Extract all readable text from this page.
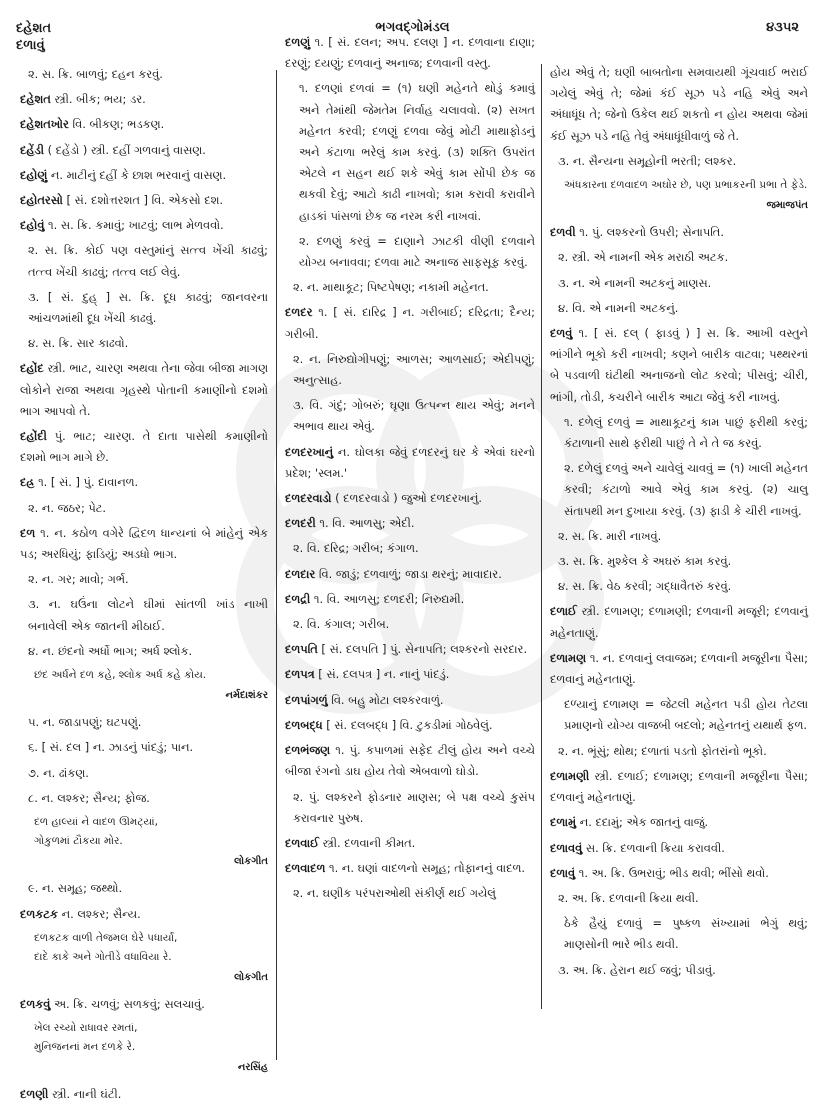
દહેશત
દળાવું
ભગવદ્ગોમંડલ	૪૩૫૨
૨. સ. ક્રિ. બાળવું; દહન કરવું.
દહેશત સ્ત્રી. બીક; ભય; ડર.
દહેશતખોર વિ. બીકણ; ભડકણ.
દહેંડી ( દહેંડો ) સ્ત્રી. દહીં ગળવાનું વાસણ.
દહોણું ન. માટીનું દહીં કે છાશ ભરવાનું વાસણ.
દહોતરસો [ સં. દશોત્તરશત ] વિ. એકસો દશ.
દહોવું ૧. સ. ક્રિ. કમાવું; ખાટવું; લાભ મેળવવો.
૨. સ. ક્રિ. કોઈ પણ વસ્તુમાંનું સત્ત્વ ખેંચી કાઢવું; તત્ત્વ ખેંચી કાઢવું; તત્ત્વ લઈ લેવું.
૩. [ સં. દુહ્ ] સ. ક્રિ. દૂધ કાઢવું; જાનવરના આંચળમાંથી દૂધ ખેંચી કાઢવું.
૪. સ. ક્રિ. સાર કાઢવો.
દહોંદ સ્ત્રી. ભાટ, ચારણ અથવા તેના જેવા બીજા માગણ લોકોને રાજા અથવા ગૃહસ્થે પોતાની કમાણીનો દશમો ભાગ આપવો તે.
દહોંદી પું. ભાટ; ચારણ. તે દાતા પાસેથી કમાણીનો દશમો ભાગ માગે છે.
દહ્ર ૧. [ સં. ] પું. દાવાનળ.
૨. ન. જઠર; પેટ.
દળ ૧. ન. કઠોળ વગેરે દ્વિદળ ધાન્યનાં બે માંહેનું એક પડ; અરધિયું; ફાડિયું; અડધો ભાગ.
૨. ન. ગર; માવો; ગર્ભ.
૩. ન. ઘઉંના લોટને ઘીમાં સાંતળી ખાંડ નાખી બનાવેલી એક જાતની મીઠાઈ.
૪. ન. છંદનો અર્ધો ભાગ; અર્ધ શ્લોક.
છંદ અર્ધને દળ કહે, શ્લોક અર્ધ કહે કોય.
નર્મદાશંકર
૫. ન. જાડાપણું; ઘટપણું.
૬. [ સં. દલ ] ન. ઝાડનું પાંદડું; પાન.
૭. ન. ઢાંકણ.
૮. ન. લશ્કર; સૈન્ય; ફોજ.
દળ હાલ્યાં ને વાદળ ઊમટ્યાં,
ગોકુળમાં ટૌકયા મોર.
લોકગીત
૯. ન. સમૂહ; જથ્થો.
દળકટક ન. લશ્કર; સૈન્ય.
દળકટક વાળી તેજમલ ઘેરે પધાર્યાં,
દાદે કાકે અને ગોતીડે વધાવિયા રે.
લોકગીત
દળકવું અ. ક્રિ. ચળવું; સળકવું; સલચાવું.
ખેલ રચ્યો રાધાવર રમતાં,
મુનિજનનાં મન દળકે રે.
નરસિંહ
દળણી સ્ત્રી. નાની ઘંટી.
દળણું ૧. [ સં. દલન; અપ. દલણ ] ન. દળવાના દાણા; દરણું; દયણું; દળવાનું અનાજ; દળવાની વસ્તુ.
૧. દળણાં દળવાં = (૧) ઘણી મહેનતે થોડું કમાવું અને તેમાંથી જેમતેમ નિર્વાહ ચલાવવો. (૨) સખત મહેનત કરવી; દળણું દળવા જેવું મોટી માથાફોડનું અને કંટાળા ભરેલું કામ કરવું. (૩) શક્તિ ઉપરાંત એટલે ન સહન થઈ શકે એવું કામ સોંપી છેક જ થકવી દેવું; આટો કાઢી નાખવો; કામ કરાવી કરાવીને હાડકાં પાંસળાં છેક જ નરમ કરી નાખવાં.
૨. દળણું કરવું = દાણાને ઝાટકી વીણી દળવાને યોગ્ય બનાવવા; દળવા માટે અનાજ સાફસૂફ કરવું.
૨. ન. માથાકૂટ; પિષ્ટપેષણ; નકામી મહેનત.
દળદર ૧. [ સં. દારિદ્ર ] ન. ગરીબાઈ; દરિદ્રતા; દૈન્ય; ગરીબી.
૨. ન. નિરુદ્યોગીપણું; આળસ; આળસાઈ; એદીપણું; અનુત્સાહ.
૩. વિ. ગંદું; ગોબરું; ઘૃણા ઉત્પન્ન થાય એવું; મનને અભાવ થાય એવું.
દળદરખાનું ન. ઘોલકા જેવું દળદરનું ઘર કે એવાં ઘરનો પ્રદેશ; 'સ્લમ.'
દળદરવાડો ( દળદરવાડો ) જુઓ દળદરખાનું.
દળદરી ૧. વિ. આળસુ; એદી.
૨. વિ. દરિદ્ર; ગરીબ; કંગાળ.
દળદાર વિ. જાડું; દળવાળું; જાડા થરનું; માવાદાર.
દળદ્રી ૧. વિ. આળસુ; દળદરી; નિરુદ્યમી.
૨. વિ. કંગાલ; ગરીબ.
દળપતિ [ સં. દલપતિ ] પું. સેનાપતિ; લશ્કરનો સરદાર.
દળપત્ર [ સં. દલપત્ર ] ન. નાનું પાંદડું.
દળપાંગળું વિ. બહુ મોટા લશ્કરવાળું.
દળબદ્ધ [ સં. દલબદ્ધ ] વિ. ટુકડીમાં ગોઠવેલું.
દળભંજણ ૧. પું. કપાળમાં સફેદ ટીલું હોય અને વચ્ચે બીજા રંગનો ડાઘ હોય તેવો એબવાળો ઘોડો.
૨. પું. લશ્કરને ફોડનાર માણસ; બે પક્ષ વચ્ચે કુસંપ કરાવનાર પુરુષ.
દળવાઈ સ્ત્રી. દળવાની કીમત.
દળવાદળ ૧. ન. ઘણાં વાદળનો સમૂહ; તોફાનનું વાદળ.
૨. ન. ઘણીક પરંપરાઓથી સંકીર્ણ થઈ ગયેલું
હોય એવું તે; ઘણી બાબતોના સમવાયથી ગૂંચવાઈ ભરાઈ ગયેલું એવું તે; જેમાં કંઈ સૂઝ પડે નહિ એવું અને અંધાધૂંધ તે; જેનો ઉકેલ થઈ શકતો ન હોય અથવા જેમાં કંઈ સૂઝ પડે નહિ તેવું અંધાધૂંધીવાળું જે તે.
૩. ન. સૈન્યના સમૂહોની ભરતી; લશ્કર.
અંધકારના દળવાદળ અઘોર છે, પણ પ્રભાકરની પ્રભા તે ફેડે.
જમાજપંત
દળવી ૧. પું. લશ્કરનો ઉપરી; સેનાપતિ.
૨. સ્ત્રી. એ નામની એક મરાઠી અટક.
૩. ન. એ નામની અટકનું માણસ.
૪. વિ. એ નામની અટકનું.
દળવું ૧. [ સં. દલ્ ( ફાડવું ) ] સ. ક્રિ. આખી વસ્તુને ભાંગીને ભૂકો કરી નાખવી; કણને બારીક વાટવા; પથ્થરનાં બે પડવાળી ઘંટીથી અનાજનો લોટ કરવો; પીસવું; ચીરી, ભાંગી, તોડી, કચરીને બારીક આટા જેવું કરી નાખવું.
૧. દળેલું દળવું = માથાકૂટનું કામ પાછું ફરીથી કરવું; કંટાળાની સાથે ફરીથી પાછું તે ને તે જ કરવું.
૨. દળેલું દળવું અને ચાવેલું ચાવવું = (૧) ખાલી મહેનત કરવી; કંટાળો આવે એવું કામ કરવું. (૨) ચાલુ સંતાપથી મન દુખાયા કરવું. (૩) ફાડી કે ચીરી નાખવું.
૨. સ. ક્રિ. મારી નાખવું.
૩. સ. ક્રિ. મુશ્કેલ કે અઘરું કામ કરવું.
૪. સ. ક્રિ. વેઠ કરવી; ગદ્ધાવૈતરું કરવું.
દળાઈ સ્ત્રી. દળામણ; દળામણી; દળવાની મજૂરી; દળવાનું મહેનતાણું.
દળામણ ૧. ન. દળવાનું લવાજમ; દળવાની મજૂરીના પૈસા; દળવાનું મહેનતાણું.
દળ્યાનું દળામણ = જેટલી મહેનત પડી હોય તેટલા પ્રમાણનો યોગ્ય વાજબી બદલો; મહેનતનું યથાર્થ ફળ.
૨. ન. ભૂંસું; થોથ; દળાતાં પડતો ફોતરાંનો ભૂકો.
દળામણી સ્ત્રી. દળાઈ; દળામણ; દળવાની મજૂરીના પૈસા; દળવાનું મહેનતાણું.
દળામું ન. દદામું; એક જાતનું વાજું.
દળાવવું સ. ક્રિ. દળવાની ક્રિયા કરાવવી.
દળાવું ૧. અ. ક્રિ. ઉભરાવું; ભીડ થવી; ભીંસો થવો.
૨. અ. ક્રિ. દળવાની ક્રિયા થવી.
ઠેકે હૈયું દળાવું = પુષ્કળ સંખ્યામાં ભેગું થવું; માણસોની ભારે ભીડ થવી.
૩. અ. ક્રિ. હેરાન થઈ જવું; પીડાવું.
